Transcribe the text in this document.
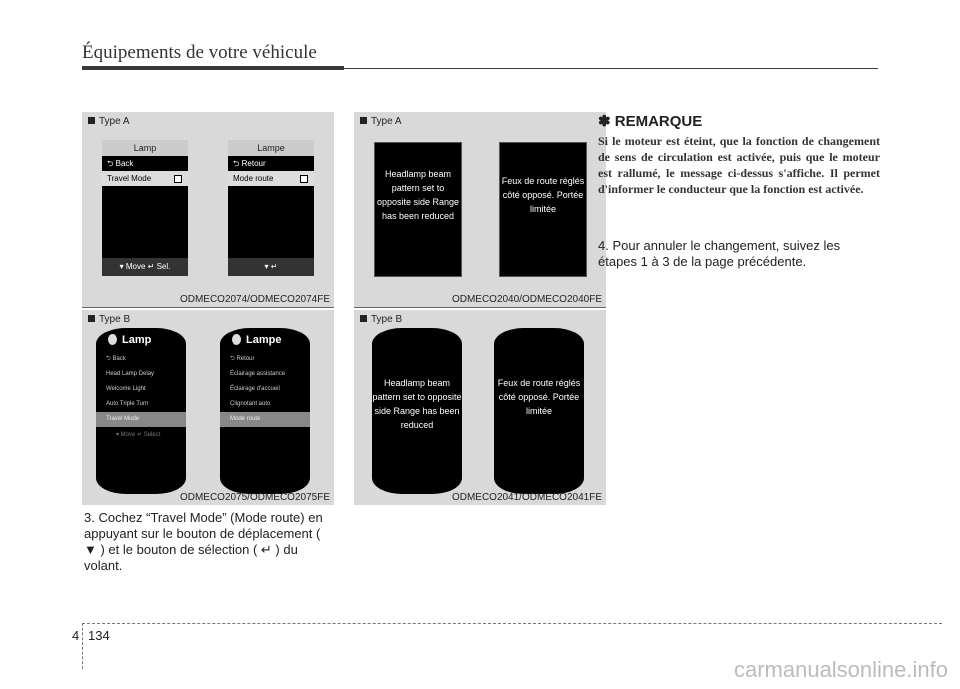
Équipements de votre véhicule
Type A
Lamp
⮌ Back
Travel Mode
▾ Move ↵ Sel.
Lampe
⮌ Retour
Mode route
▾ ↵
ODMECO2074/ODMECO2074FE
Type A
Headlamp beam pattern set to opposite side Range has been reduced
Feux de route réglés côté opposé. Portée limitée
ODMECO2040/ODMECO2040FE
Type B
Lamp
⮌ Back
Head Lamp Delay
Welcome Light
Auto Triple Turn
Travel Mode
▾ Move ↵ Select
Lampe
⮌ Retour
Éclairage assistance
Éclairage d'accueil
Clignotant auto
Mode route
ODMECO2075/ODMECO2075FE
Type B
Headlamp beam pattern set to opposite side Range has been reduced
Feux de route réglés côté opposé. Portée limitée
ODMECO2041/ODMECO2041FE
3. Cochez “Travel Mode” (Mode route) en appuyant sur le bouton de déplacement ( ▼ ) et le bouton de sélection ( ↵ ) du volant.
✽ REMARQUE
Si le moteur est éteint, que la fonction de changement de sens de circulation est activée, puis que le moteur est rallumé, le message ci-dessus s'affiche. Il permet d'informer le conducteur que la fonction est activée.
4. Pour annuler le changement, suivez les étapes 1 à 3 de la page précédente.
4 134
carmanualsonline.info
